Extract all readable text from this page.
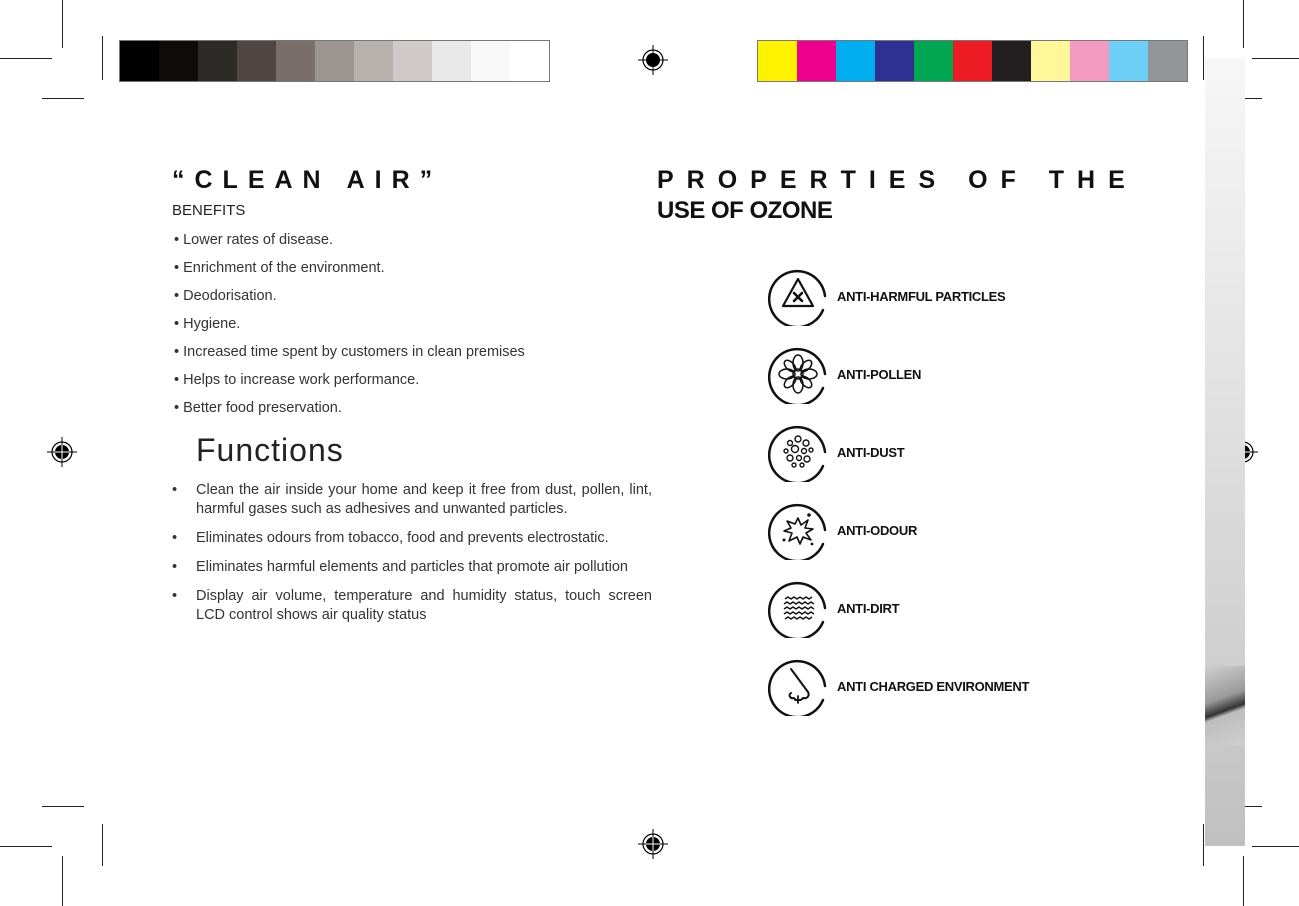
“CLEAN AIR”
BENEFITS
• Lower rates of disease.
• Enrichment of the environment.
• Deodorisation.
• Hygiene.
• Increased time spent by customers in clean premises
• Helps to increase work performance.
• Better food preservation.
Functions
• Clean the air inside your home and keep it free from dust, pollen, lint, harmful gases such as adhesives and unwanted particles.
• Eliminates odours from tobacco, food and prevents electrostatic.
• Eliminates harmful elements and particles that promote air pollution
• Display air volume, temperature and humidity status, touch screen LCD control shows air quality status
PROPERTIES OF THE
USE OF OZONE
ANTI-HARMFUL PARTICLES
ANTI-POLLEN
ANTI-DUST
ANTI-ODOUR
ANTI-DIRT
ANTI CHARGED ENVIRONMENT
